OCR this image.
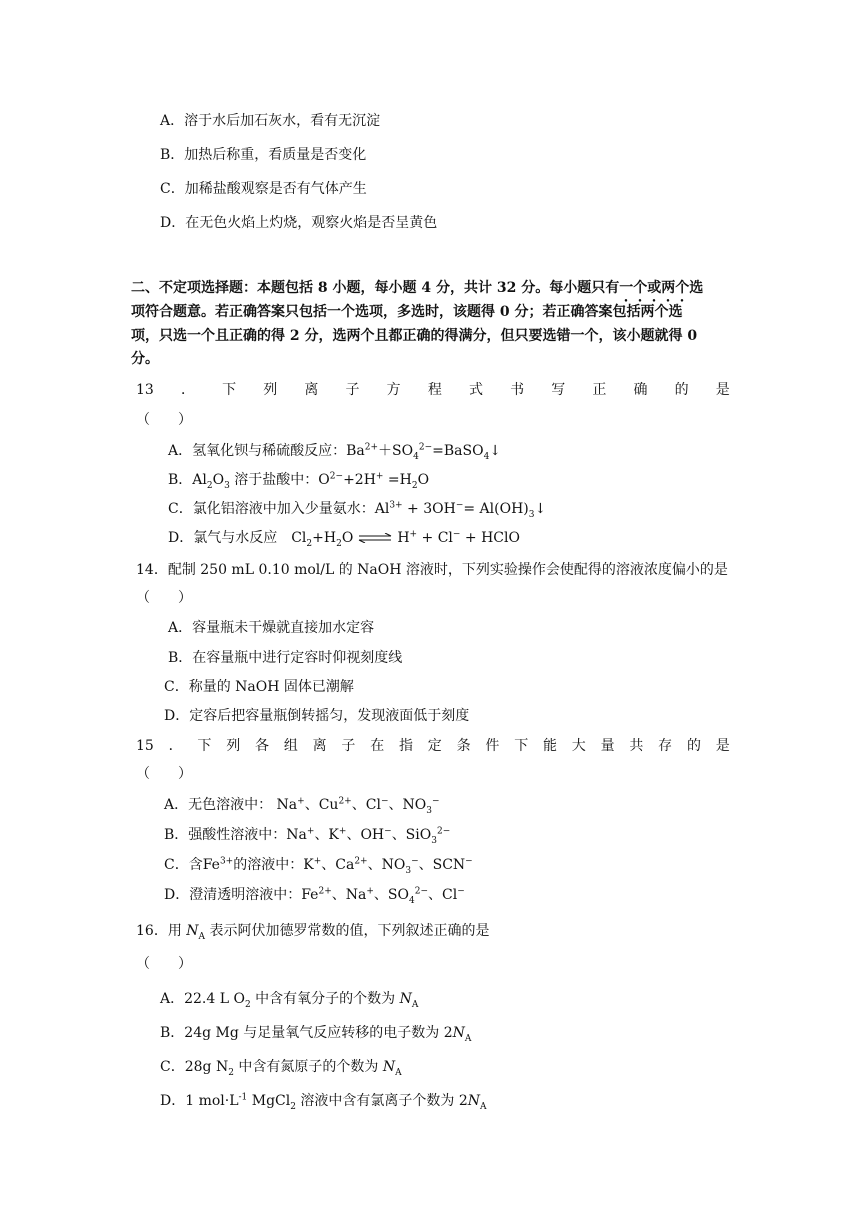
A．溶于水后加石灰水，看有无沉淀
B．加热后称重，看质量是否变化
C．加稀盐酸观察是否有气体产生
D．在无色火焰上灼烧，观察火焰是否呈黄色
二、不定项选择题：本题包括 8 小题，每小题 4 分，共计 32 分。每小题只有一个或两个选
项符合题意。若正确答案只包括一个选项，多选时，该题得 0 分；若正确答案包括两个选
项，只选一个且正确的得 2 分，选两个且都正确的得满分，但只要选错一个，该小题就得 0
分。
13 ． 下 列 离 子 方 程 式 书 写 正 确 的 是
（　　）
A．氢氧化钡与稀硫酸反应：$Ba^{2+}+SO_4^{2-}=BaSO_4↓$
B．$Al_2O_3$ 溶于盐酸中：$O^{2-}+2H^+ =H_2O$
C．氯化铝溶液中加入少量氨水：$Al^{3+} + 3OH^-=$ $Al(OH)_3↓$
D．氯气与水反应　$Cl_2+H_2O$ ⇌ H+ + Cl− + HClO
14．配制 250 mL 0.10 mol/L 的 NaOH 溶液时，下列实验操作会使配得的溶液浓度偏小的是
（　　）
A．容量瓶未干燥就直接加水定容
B．在容量瓶中进行定容时仰视刻度线
C．称量的 NaOH 固体已潮解
D．定容后把容量瓶倒转摇匀，发现液面低于刻度
15 ． 下 列 各 组 离 子 在 指 定 条 件 下 能 大 量 共 存 的 是
（　　）
A．无色溶液中： Na+、$Cu^{2+}$、Cl−、$NO_3^-$
B．强酸性溶液中：Na+、K+、OH−、SiO$_3^{2-}$
C．含$Fe^{3+}$的溶液中：K+、$Ca^{2+}$、$NO_3^-$、SCN−
D．澄清透明溶液中：$Fe^{2+}$、Na+、$SO_4^{2-}$、Cl−
16．用 $N_A$ 表示阿伏加德罗常数的值，下列叙述正确的是
（　　）
A．22.4 L $O_2$ 中含有氧分子的个数为 $N_A$
B．24g Mg 与足量氧气反应转移的电子数为 $2N_A$
C．28g $N_2$ 中含有氮原子的个数为 $N_A$
D．1 $mol\cdot L^{-1}$ MgCl$_2$ 溶液中含有氯离子个数为 $2N_A$
